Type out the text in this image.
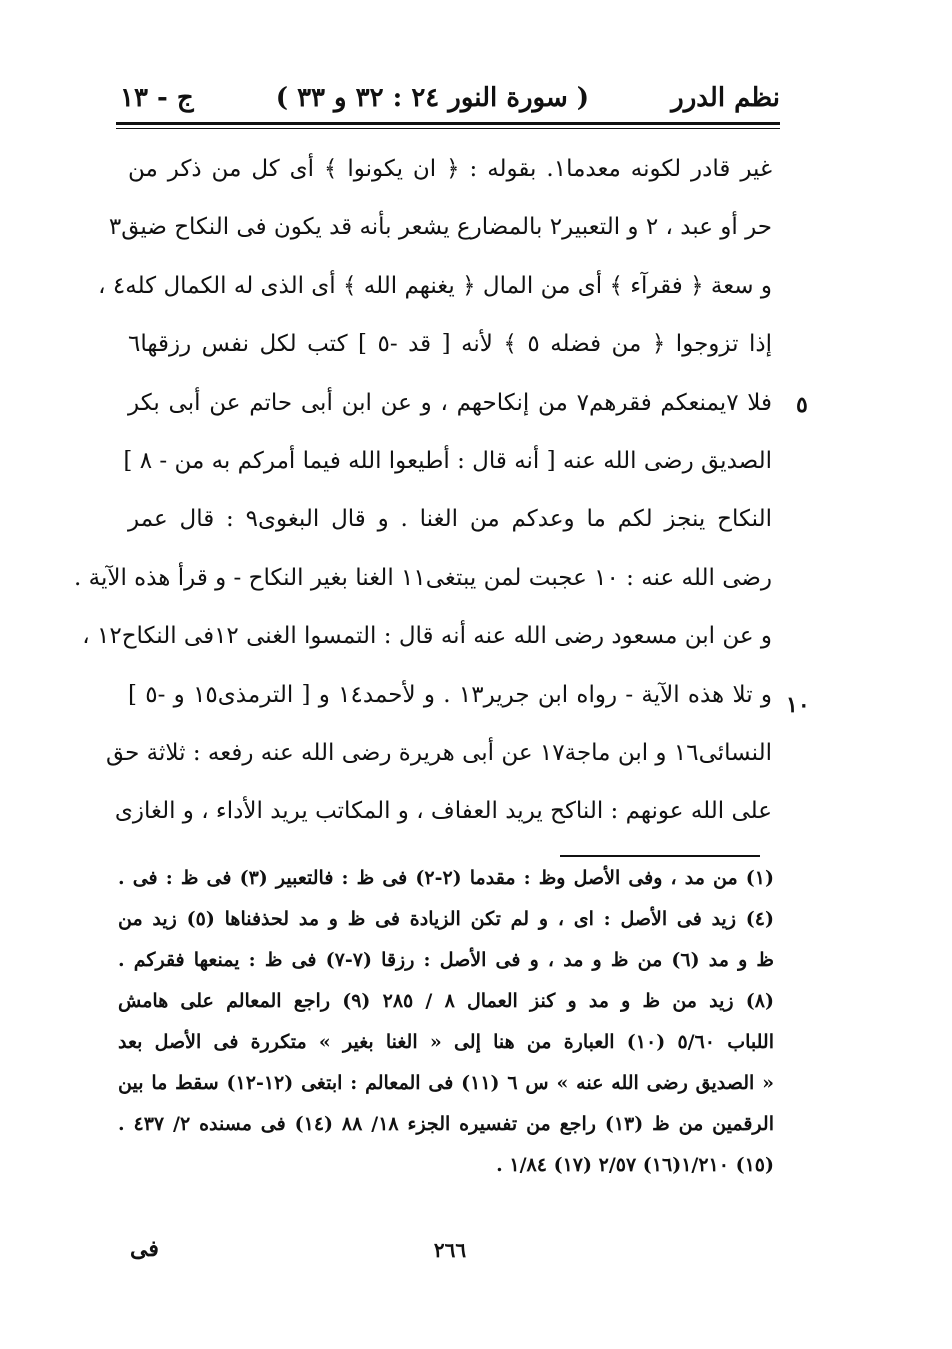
نظم الدرر
( سورة النور ٢٤ : ٣٢ و ٣٣ )
ج - ١٣
غير قادر لكونه معدما١. بقوله : ﴿ ان يكونوا ﴾ أى كل من ذكر من
حر أو عبد ، ٢ و التعبير٢ بالمضارع يشعر بأنه قد يكون فى النكاح ضيق٣
و سعة ﴿ فقرآء ﴾ أى من المال ﴿ يغنهم الله ﴾ أى الذى له الكمال كله٤ ،
إذا تزوجوا ﴿ من فضله ٥ ﴾ لأنه [ قد -٥ ] كتب لكل نفس رزقها٦
فلا ٧يمنعكم فقرهم٧ من إنكاحهم ، و عن ابن أبى حاتم عن أبى بكر
الصديق رضى الله عنه [ أنه قال : أطيعوا الله فيما أمركم به من - ٨ ]
النكاح ينجز لكم ما وعدكم من الغنا . و قال البغوى٩ : قال عمر
رضى الله عنه : ١٠ عجبت لمن يبتغى١١ الغنا بغير النكاح - و قرأ هذه الآية .
و عن ابن مسعود رضى الله عنه أنه قال : التمسوا الغنى ١٢فى النكاح١٢ ،
و تلا هذه الآية - رواه ابن جرير١٣ . و لأحمد١٤ و [ الترمذى١٥ و -٥ ]
النسائى١٦ و ابن ماجة١٧ عن أبى هريرة رضى الله عنه رفعه : ثلاثة حق
على الله عونهم : الناكح يريد العفاف ، و المكاتب يريد الأداء ، و الغازى
٥
١٠
(١) من مد ، وفى الأصل وظ : مقدما (٢-٢) فى ظ : فالتعبير (٣) فى ظ : فى .
(٤) زيد فى الأصل : اى ، و لم تكن الزيادة فى ظ و مد لحذفناها (٥) زيد من
ظ و مد (٦) من ظ و مد ، و فى الأصل : رزقا (٧-٧) فى ظ : يمنعها فقركم .
(٨) زيد من ظ و مد و كنز العمال ٨ / ٢٨٥ (٩) راجع المعالم على هامش
اللباب ٥/٦٠ (١٠) العبارة من هنا إلى « الغنا بغير » متكررة فى الأصل بعد
« الصديق رضى الله عنه » س ٦ (١١) فى المعالم : ابتغى (١٢-١٢) سقط ما بين
الرقمين من ظ (١٣) راجع من تفسيره الجزء ١٨/ ٨٨ (١٤) فى مسنده ٢/ ٤٣٧ .
(١٥) ١/٢١٠(١٦) ٢/٥٧ (١٧) ١/٨٤ .
٢٦٦
فى
